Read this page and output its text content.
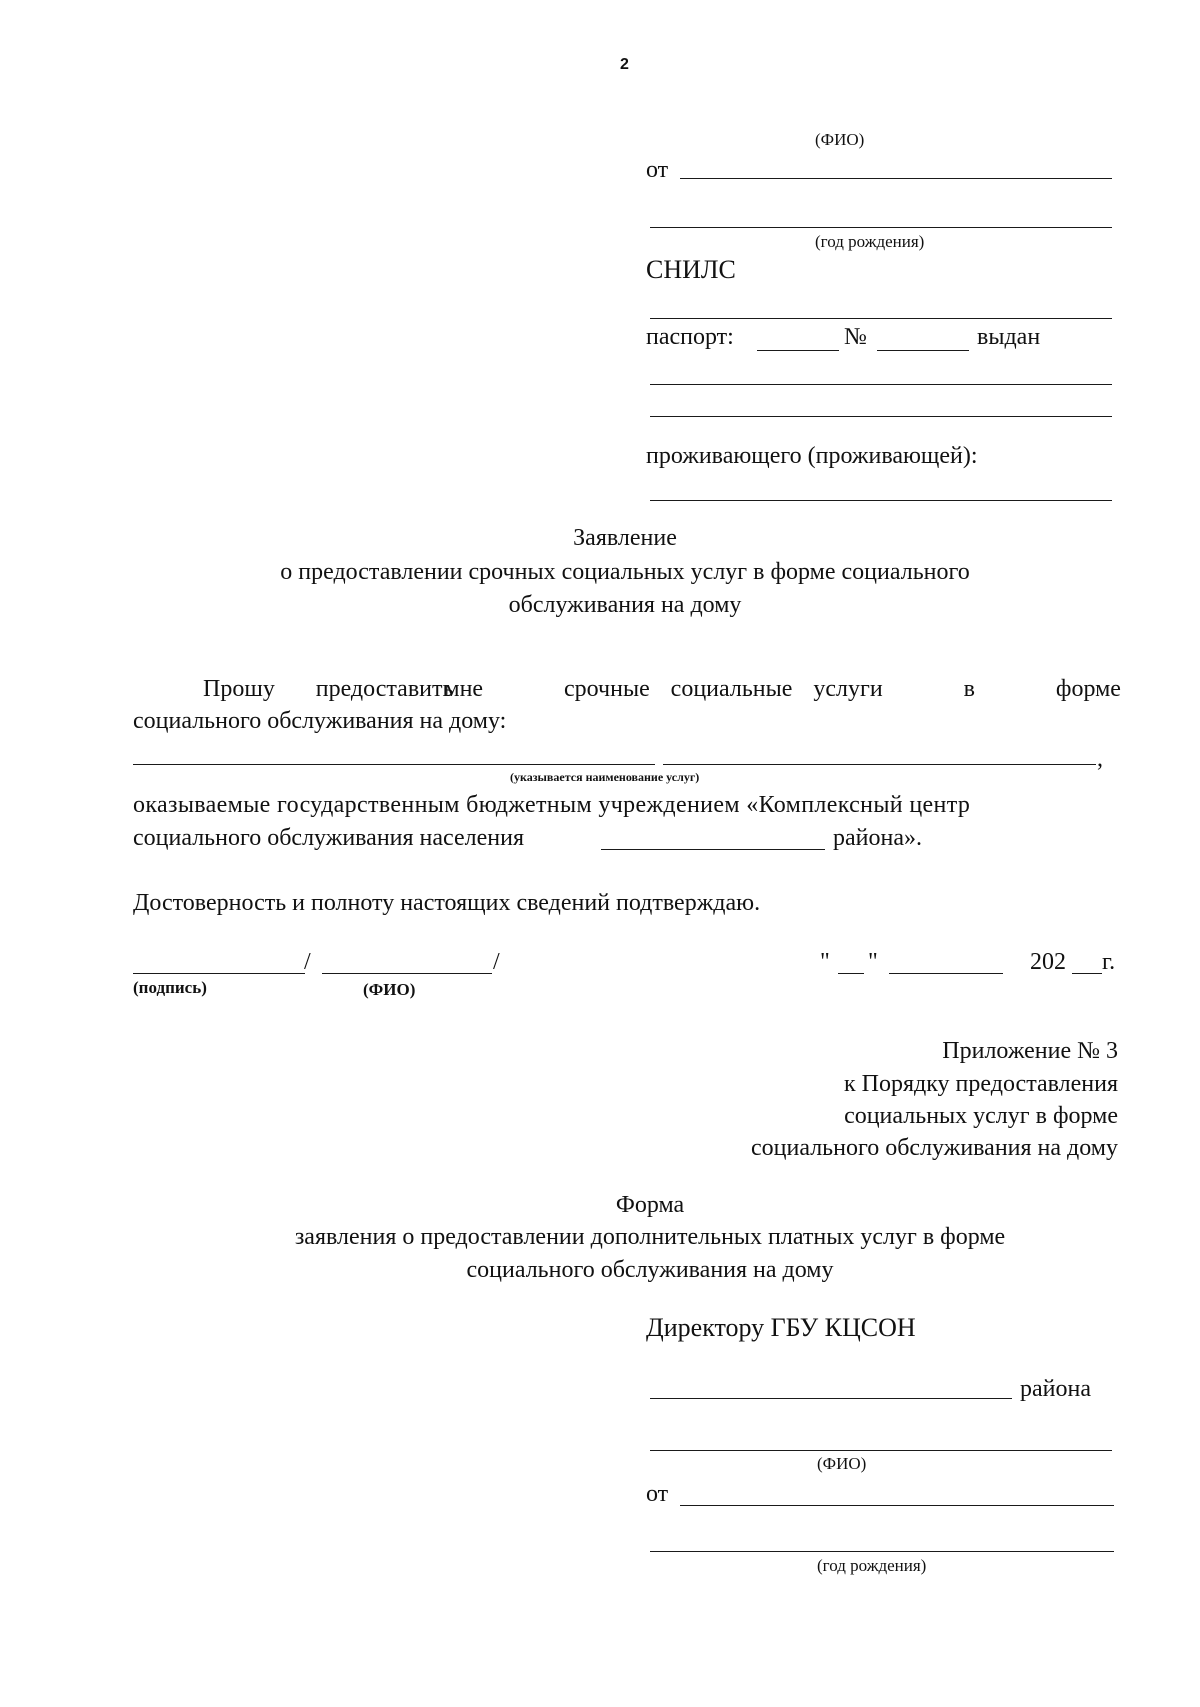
2
(ФИО)
от
(год рождения)
СНИЛС
паспорт:	№	выдан
проживающего (проживающей):
Заявление
о предоставлении срочных социальных услуг в форме социального
обслуживания на дому
Прошу предоставить
мне	срочные социальные услуги	в	форме
социального обслуживания на дому:
,
(указывается наименование услуг)
оказываемые государственным бюджетным учреждением «Комплексный центр
социального обслуживания населения	района».
Достоверность и полноту настоящих сведений подтверждаю.
/	/
(подпись)	(ФИО)
" "	202 г.
Приложение № 3
к Порядку предоставления
социальных услуг в форме
социального обслуживания на дому
Форма
заявления о предоставлении дополнительных платных услуг в форме
социального обслуживания на дому
Директору ГБУ КЦСОН
района
(ФИО)
от
(год рождения)
